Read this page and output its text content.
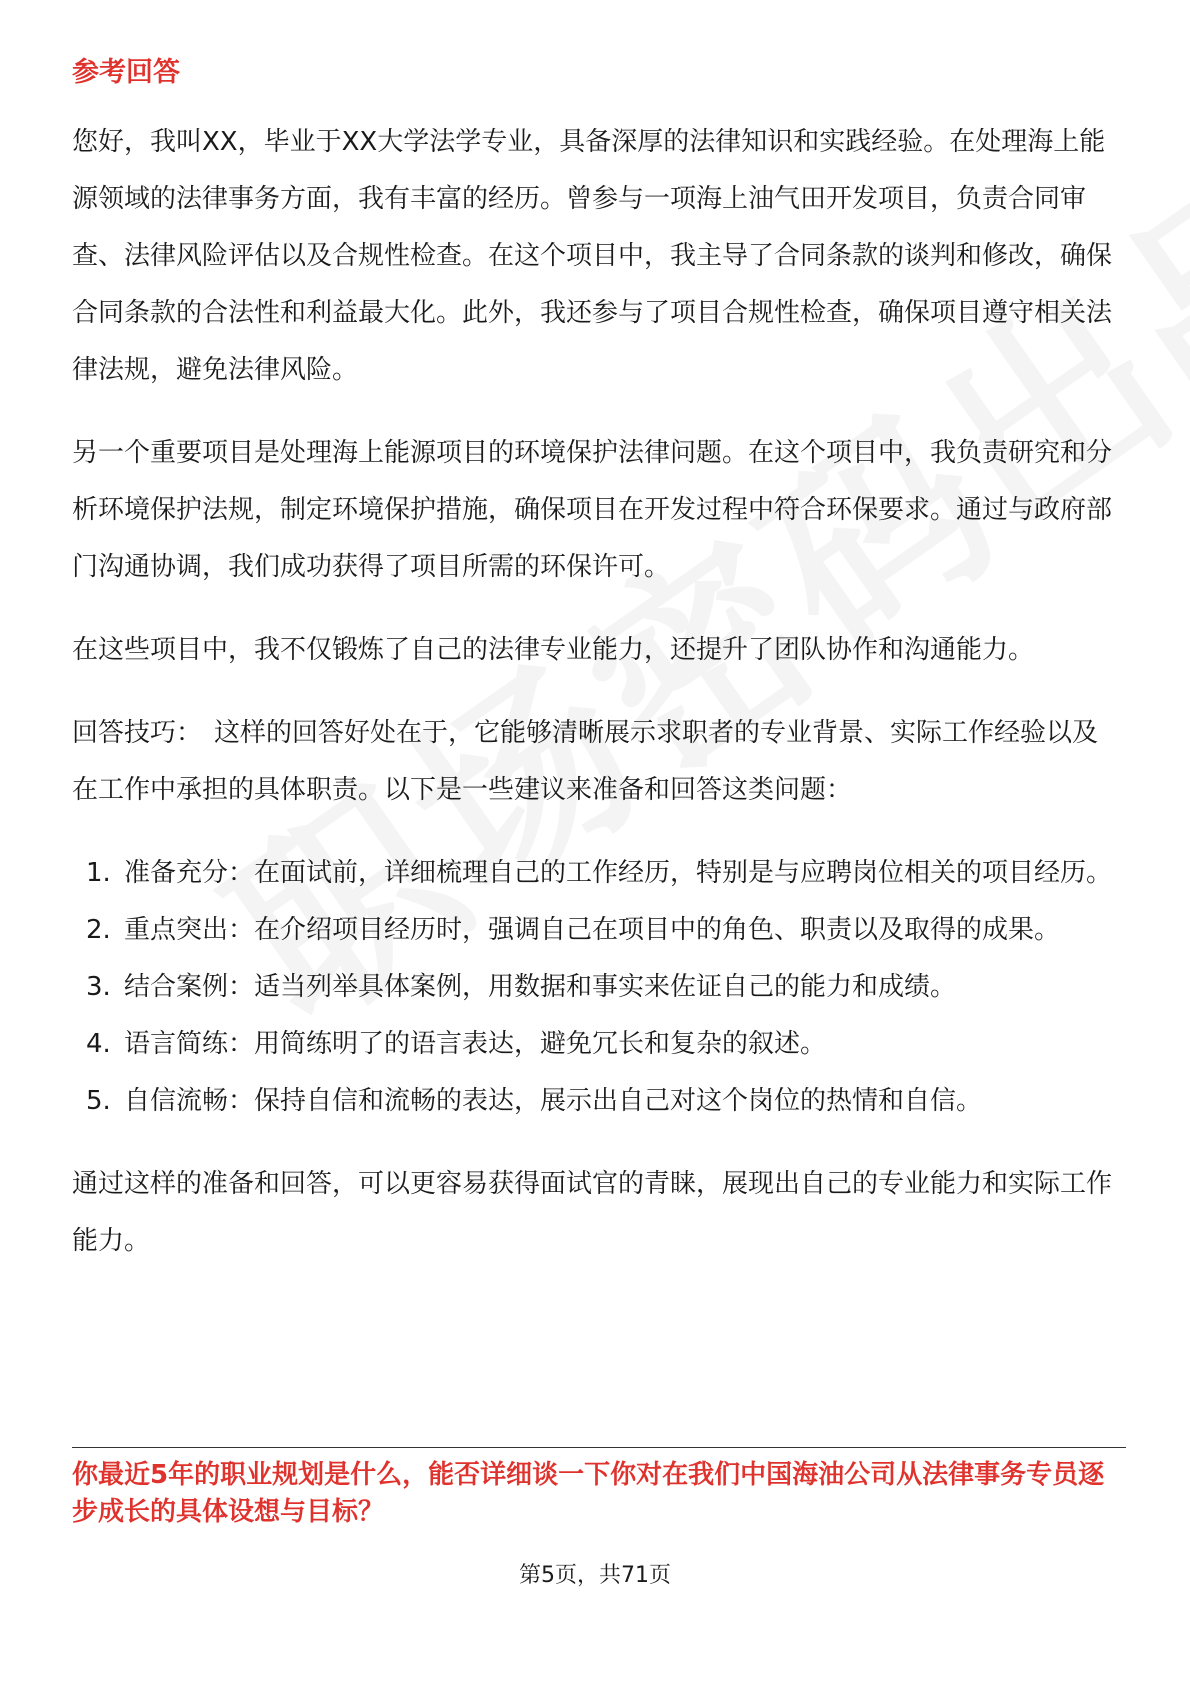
参考回答

您好，我叫XX，毕业于XX大学法学专业，具备深厚的法律知识和实践经验。在处理海上能源领域的法律事务方面，我有丰富的经历。曾参与一项海上油气田开发项目，负责合同审查、法律风险评估以及合规性检查。在这个项目中，我主导了合同条款的谈判和修改，确保合同条款的合法性和利益最大化。此外，我还参与了项目合规性检查，确保项目遵守相关法律法规，避免法律风险。

另一个重要项目是处理海上能源项目的环境保护法律问题。在这个项目中，我负责研究和分析环境保护法规，制定环境保护措施，确保项目在开发过程中符合环保要求。通过与政府部门沟通协调，我们成功获得了项目所需的环保许可。

在这些项目中，我不仅锻炼了自己的法律专业能力，还提升了团队协作和沟通能力。

回答技巧： 这样的回答好处在于，它能够清晰展示求职者的专业背景、实际工作经验以及在工作中承担的具体职责。以下是一些建议来准备和回答这类问题：

1. 准备充分：在面试前，详细梳理自己的工作经历，特别是与应聘岗位相关的项目经历。
2. 重点突出：在介绍项目经历时，强调自己在项目中的角色、职责以及取得的成果。
3. 结合案例：适当列举具体案例，用数据和事实来佐证自己的能力和成绩。
4. 语言简练：用简练明了的语言表达，避免冗长和复杂的叙述。
5. 自信流畅：保持自信和流畅的表达，展示出自己对这个岗位的热情和自信。

通过这样的准备和回答，可以更容易获得面试官的青睐，展现出自己的专业能力和实际工作能力。

你最近5年的职业规划是什么，能否详细谈一下你对在我们中国海油公司从法律事务专员逐步成长的具体设想与目标？
第5页，共71页
